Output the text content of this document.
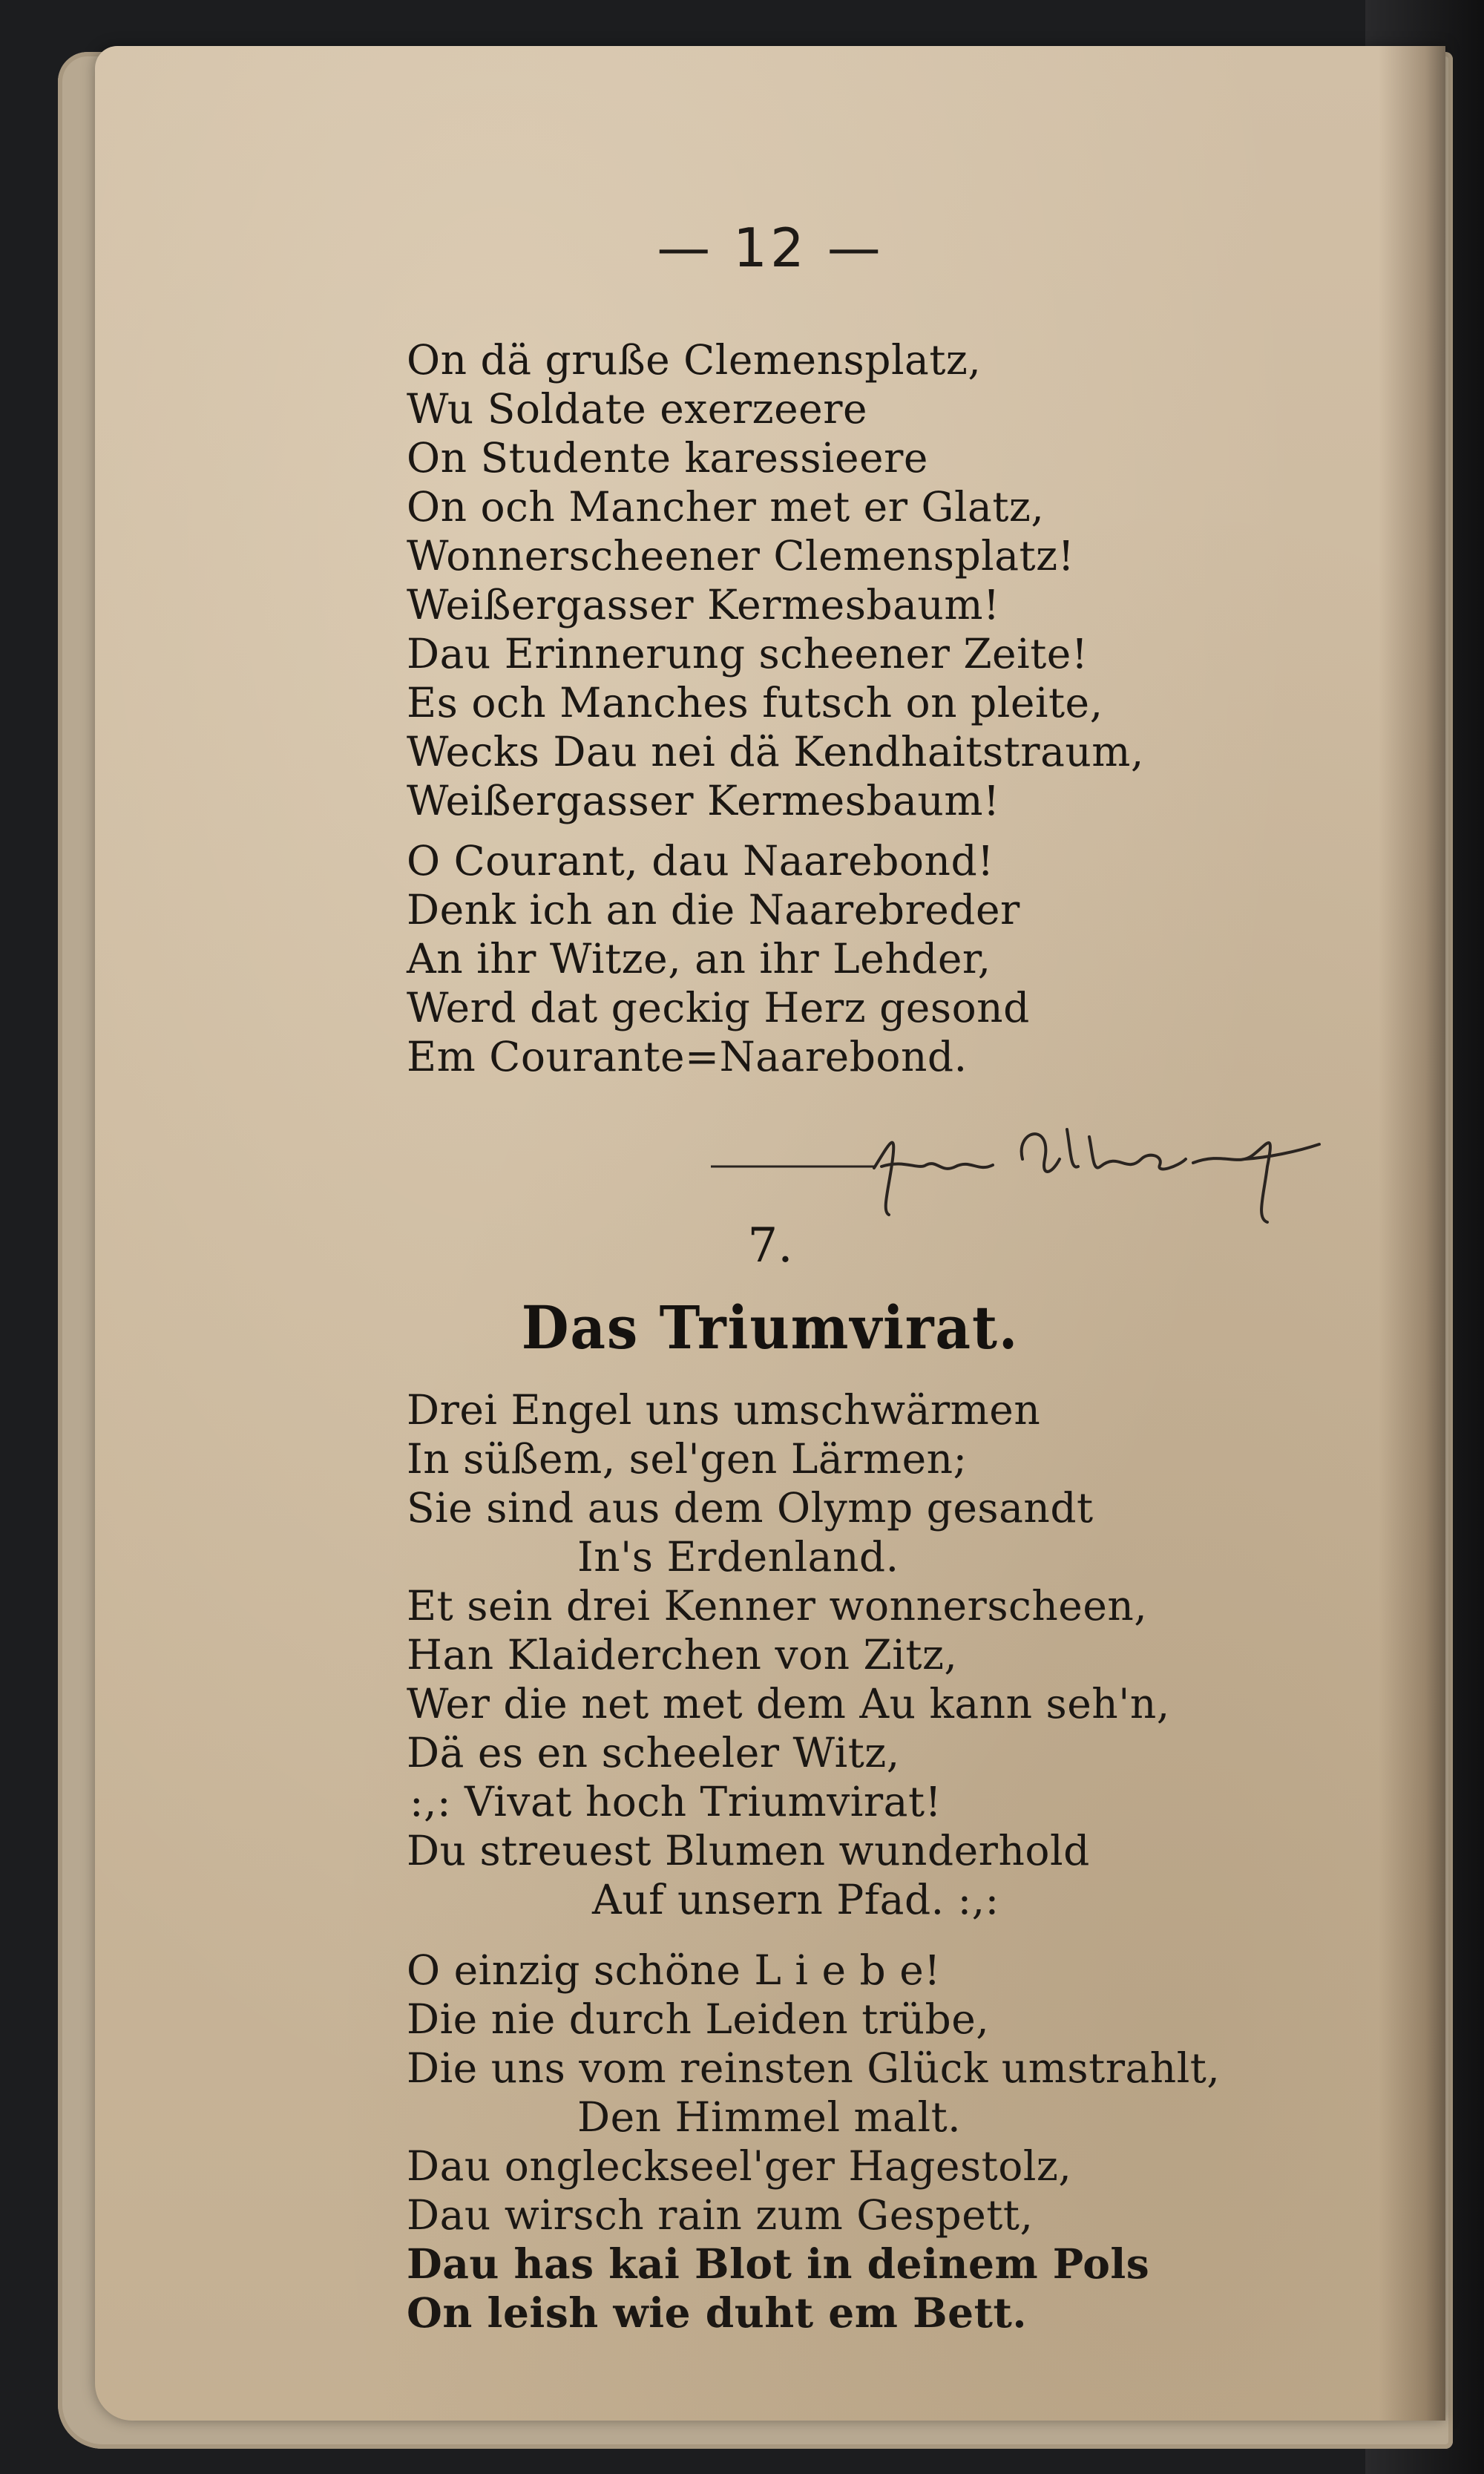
— 12 —
On dä gruße Clemensplatz,
Wu Soldate exerzeere
On Studente karessieere
On och Mancher met er Glatz,
Wonnerscheener Clemensplatz!
Weißergasser Kermesbaum!
Dau Erinnerung scheener Zeite!
Es och Manches futsch on pleite,
Wecks Dau nei dä Kendhaitstraum,
Weißergasser Kermesbaum!
O Courant, dau Naarebond!
Denk ich an die Naarebreder
An ihr Witze, an ihr Lehder,
Werd dat geckig Herz gesond
Em Courante=Naarebond.
Peter Ulsdorf
7.
Das Triumvirat.
Drei Engel uns umschwärmen
In süßem, sel'gen Lärmen;
Sie sind aus dem Olymp gesandt
In's Erdenland.
Et sein drei Kenner wonnerscheen,
Han Klaiderchen von Zitz,
Wer die net met dem Au kann seh'n,
Dä es en scheeler Witz,
:,: Vivat hoch Triumvirat!
Du streuest Blumen wunderhold
Auf unsern Pfad. :,:
O einzig schöne L i e b e!
Die nie durch Leiden trübe,
Die uns vom reinsten Glück umstrahlt,
Den Himmel malt.
Dau ongleckseel'ger Hagestolz,
Dau wirsch rain zum Gespett,
Dau has kai Blot in deinem Pols
On leish wie duht em Bett.
